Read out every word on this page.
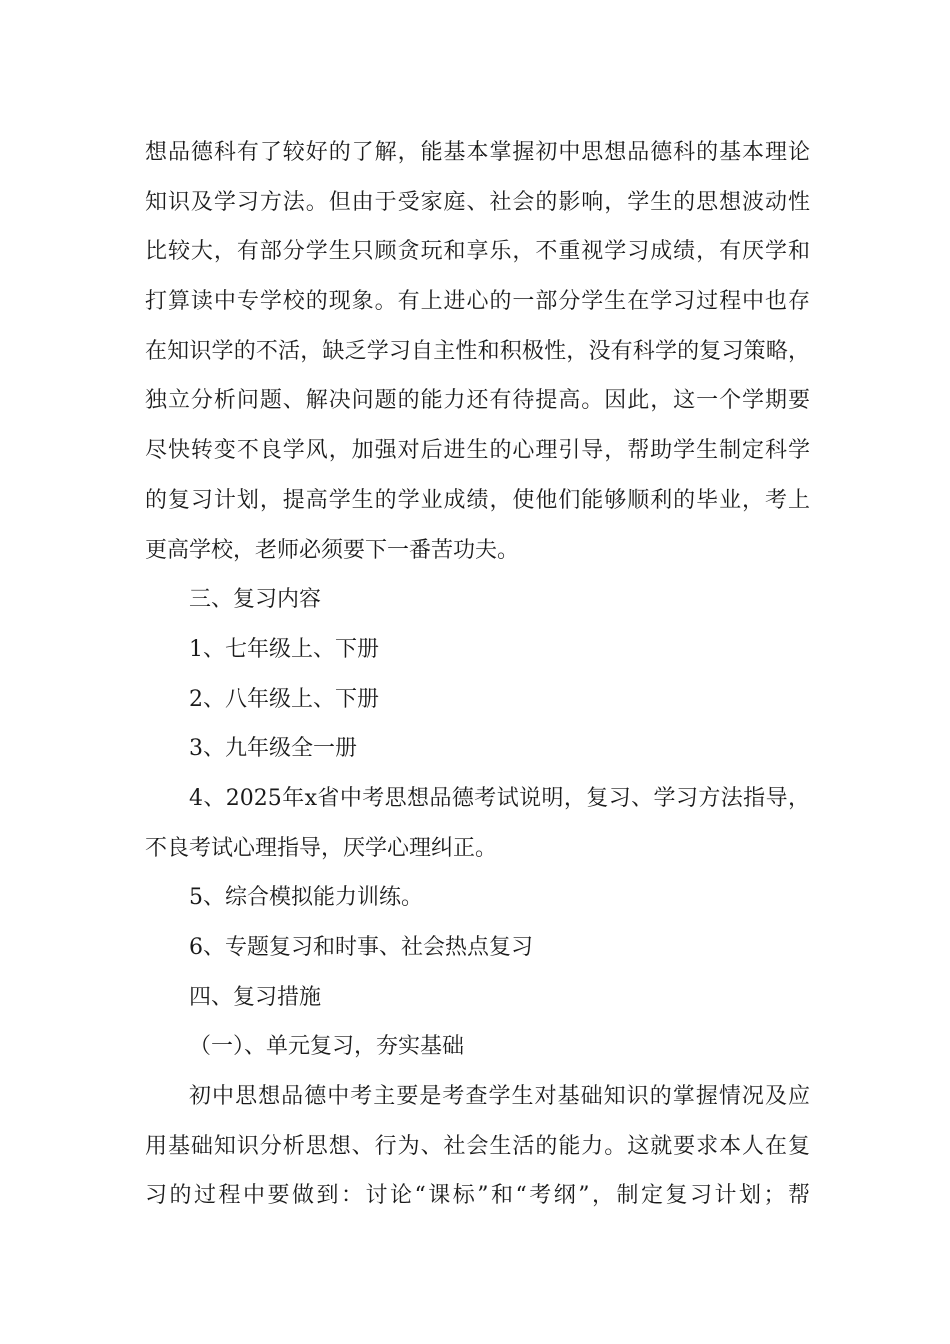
想品德科有了较好的了解，能基本掌握初中思想品德科的基本理论
知识及学习方法。但由于受家庭、社会的影响，学生的思想波动性
比较大，有部分学生只顾贪玩和享乐，不重视学习成绩，有厌学和
打算读中专学校的现象。有上进心的一部分学生在学习过程中也存
在知识学的不活，缺乏学习自主性和积极性，没有科学的复习策略，
独立分析问题、解决问题的能力还有待提高。因此，这一个学期要
尽快转变不良学风，加强对后进生的心理引导，帮助学生制定科学
的复习计划，提高学生的学业成绩，使他们能够顺利的毕业，考上
更高学校，老师必须要下一番苦功夫。
三、复习内容
1、七年级上、下册
2、八年级上、下册
3、九年级全一册
4、2025年x省中考思想品德考试说明，复习、学习方法指导，
不良考试心理指导，厌学心理纠正。
5、综合模拟能力训练。
6、专题复习和时事、社会热点复习
四、复习措施
（一）、单元复习，夯实基础
初中思想品德中考主要是考查学生对基础知识的掌握情况及应
用基础知识分析思想、行为、社会生活的能力。这就要求本人在复
习的过程中要做到：讨论“课标”和“考纲”，制定复习计划；帮
